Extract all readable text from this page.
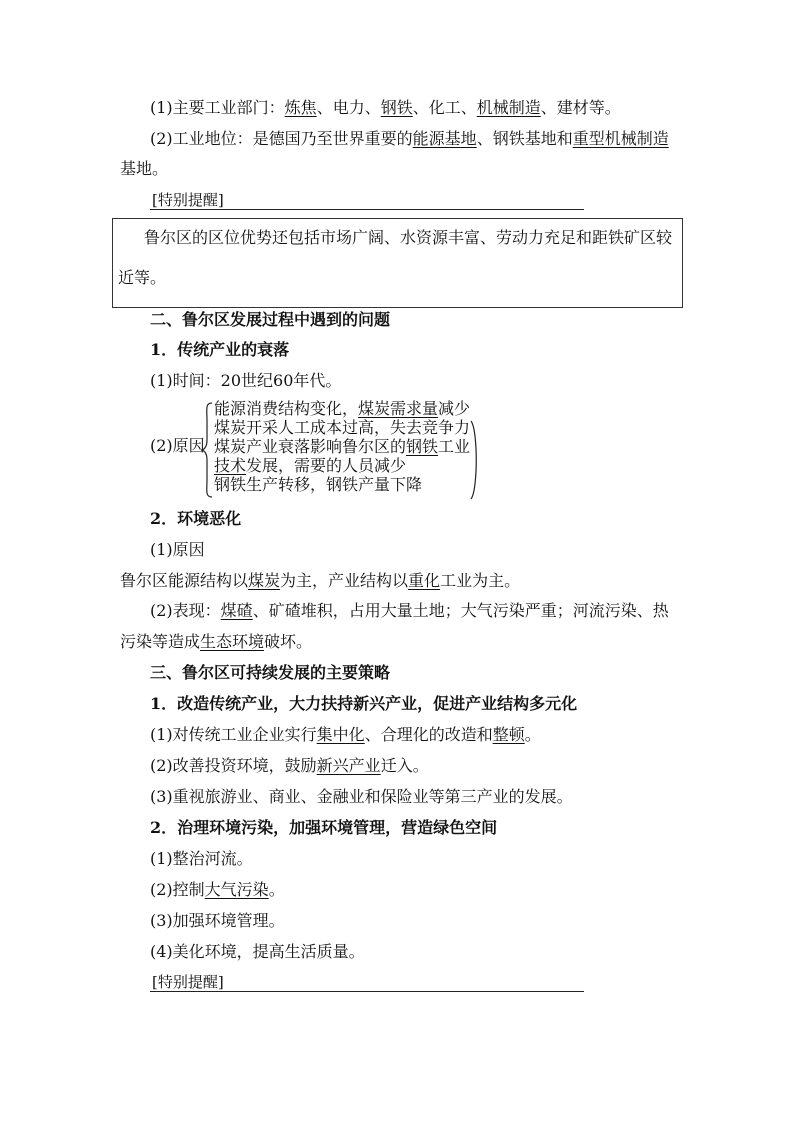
(1)主要工业部门：炼焦、电力、钢铁、化工、机械制造、建材等。
(2)工业地位：是德国乃至世界重要的能源基地、钢铁基地和重型机械制造
基地。
[特别提醒]
鲁尔区的区位优势还包括市场广阔、水资源丰富、劳动力充足和距铁矿区较
近等。
二、鲁尔区发展过程中遇到的问题
1．传统产业的衰落
(1)时间：20世纪60年代。
(2)原因
能源消费结构变化，煤炭需求量减少
煤炭开采人工成本过高，失去竞争力
煤炭产业衰落影响鲁尔区的钢铁工业
技术发展，需要的人员减少
钢铁生产转移，钢铁产量下降
2．环境恶化
(1)原因
鲁尔区能源结构以煤炭为主，产业结构以重化工业为主。
(2)表现：煤碴、矿碴堆积，占用大量土地；大气污染严重；河流污染、热
污染等造成生态环境破坏。
三、鲁尔区可持续发展的主要策略
1．改造传统产业，大力扶持新兴产业，促进产业结构多元化
(1)对传统工业企业实行集中化、合理化的改造和整顿。
(2)改善投资环境，鼓励新兴产业迁入。
(3)重视旅游业、商业、金融业和保险业等第三产业的发展。
2．治理环境污染，加强环境管理，营造绿色空间
(1)整治河流。
(2)控制大气污染。
(3)加强环境管理。
(4)美化环境，提高生活质量。
[特别提醒]
